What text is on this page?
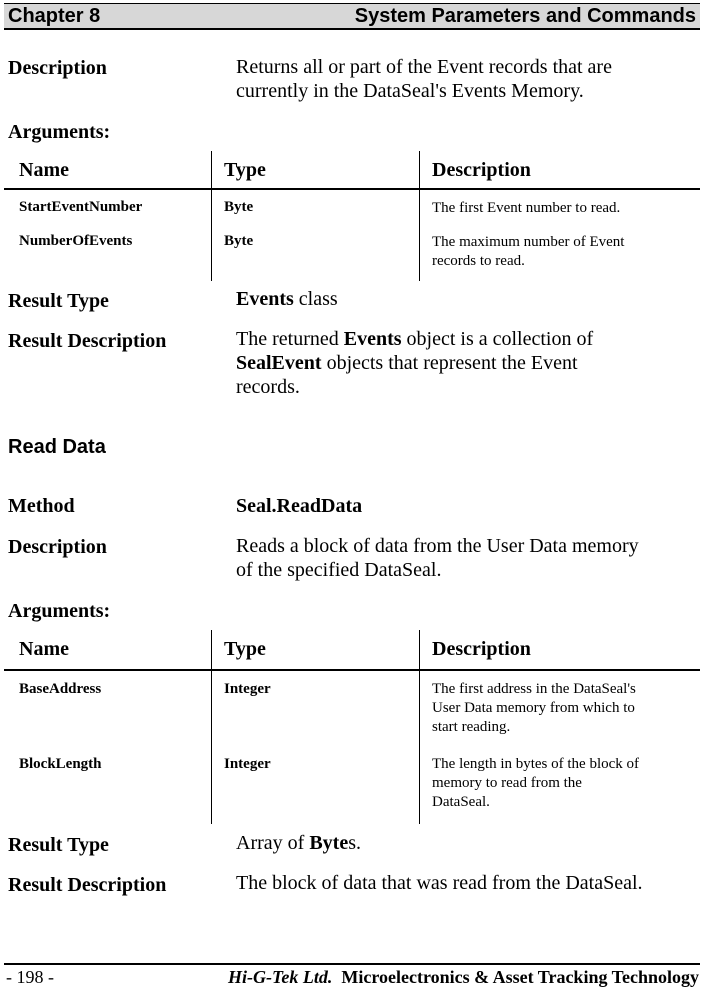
Chapter 8	System Parameters and Commands
Description	Returns all or part of the Event records that are
currently in the DataSeal's Events Memory.
Arguments:
Name	Type	Description
StartEventNumber	Byte	The first Event number to read.
NumberOfEvents	Byte	The maximum number of Event
records to read.
Result Type	Events class
Result Description	The returned Events object is a collection of
SealEvent objects that represent the Event
records.
Read Data
Method	Seal.ReadData
Description	Reads a block of data from the User Data memory
of the specified DataSeal.
Arguments:
Name	Type	Description
BaseAddress	Integer	The first address in the DataSeal's
User Data memory from which to
start reading.
BlockLength	Integer	The length in bytes of the block of
memory to read from the
DataSeal.
Result Type	Array of Bytes.
Result Description	The block of data that was read from the DataSeal.
- 198 -	Hi-G-Tek Ltd. Microelectronics & Asset Tracking Technology
